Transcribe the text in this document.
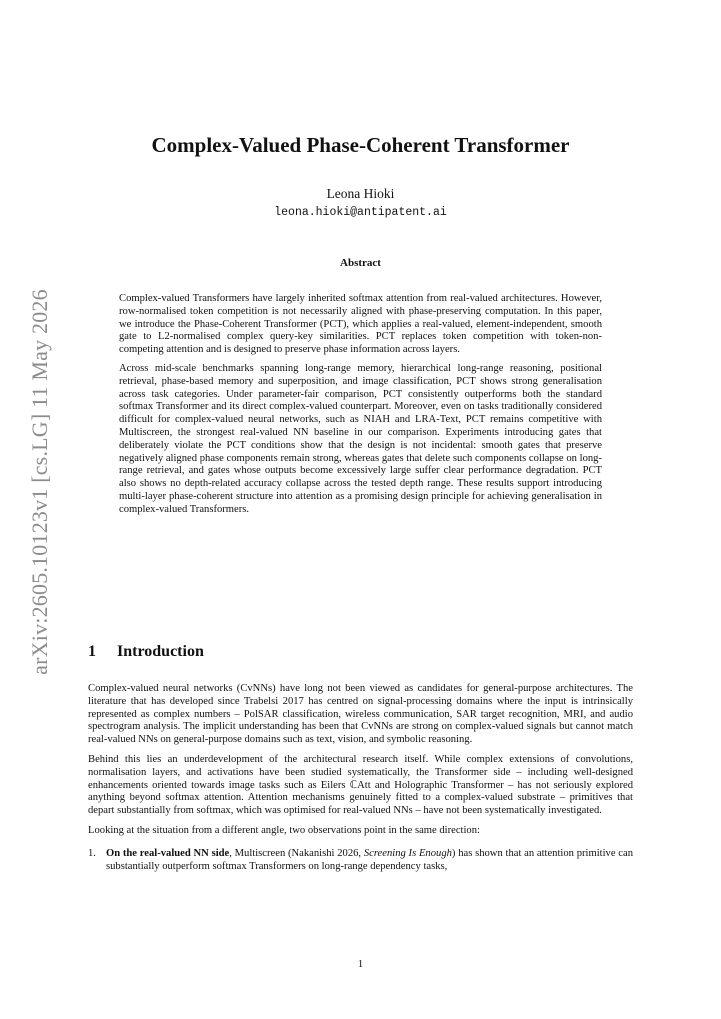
arXiv:2605.10123v1 [cs.LG] 11 May 2026
Complex-Valued Phase-Coherent Transformer
Leona Hioki
leona.hioki@antipatent.ai
Abstract

Complex-valued Transformers have largely inherited softmax attention from real-valued architectures. However, row-normalised token competition is not necessarily aligned with phase-preserving computation. In this paper, we introduce the Phase-Coherent Transformer (PCT), which applies a real-valued, element-independent, smooth gate to L2-normalised complex query-key similarities. PCT replaces token competition with token-non-competing attention and is designed to preserve phase information across layers.

Across mid-scale benchmarks spanning long-range memory, hierarchical long-range reasoning, positional retrieval, phase-based memory and superposition, and image classification, PCT shows strong generalisation across task categories. Under parameter-fair comparison, PCT consistently outperforms both the standard softmax Transformer and its direct complex-valued counterpart. Moreover, even on tasks traditionally considered difficult for complex-valued neural networks, such as NIAH and LRA-Text, PCT remains competitive with Multiscreen, the strongest real-valued NN baseline in our comparison. Experiments introducing gates that deliberately violate the PCT conditions show that the design is not incidental: smooth gates that preserve negatively aligned phase components remain strong, whereas gates that delete such components collapse on long-range retrieval, and gates whose outputs become excessively large suffer clear performance degradation. PCT also shows no depth-related accuracy collapse across the tested depth range. These results support introducing multi-layer phase-coherent structure into attention as a promising design principle for achieving generalisation in complex-valued Transformers.

1 Introduction

Complex-valued neural networks (CvNNs) have long not been viewed as candidates for general-purpose architectures. The literature that has developed since Trabelsi 2017 has centred on signal-processing domains where the input is intrinsically represented as complex numbers – PolSAR classification, wireless communication, SAR target recognition, MRI, and audio spectrogram analysis. The implicit understanding has been that CvNNs are strong on complex-valued signals but cannot match real-valued NNs on general-purpose domains such as text, vision, and symbolic reasoning.

Behind this lies an underdevelopment of the architectural research itself. While complex extensions of convolutions, normalisation layers, and activations have been studied systematically, the Transformer side – including well-designed enhancements oriented towards image tasks such as Eilers ℂAtt and Holographic Transformer – has not seriously explored anything beyond softmax attention. Attention mechanisms genuinely fitted to a complex-valued substrate – primitives that depart substantially from softmax, which was optimised for real-valued NNs – have not been systematically investigated.

Looking at the situation from a different angle, two observations point in the same direction:

1. On the real-valued NN side, Multiscreen (Nakanishi 2026, Screening Is Enough) has shown that an attention primitive can substantially outperform softmax Transformers on long-range dependency tasks,
1
